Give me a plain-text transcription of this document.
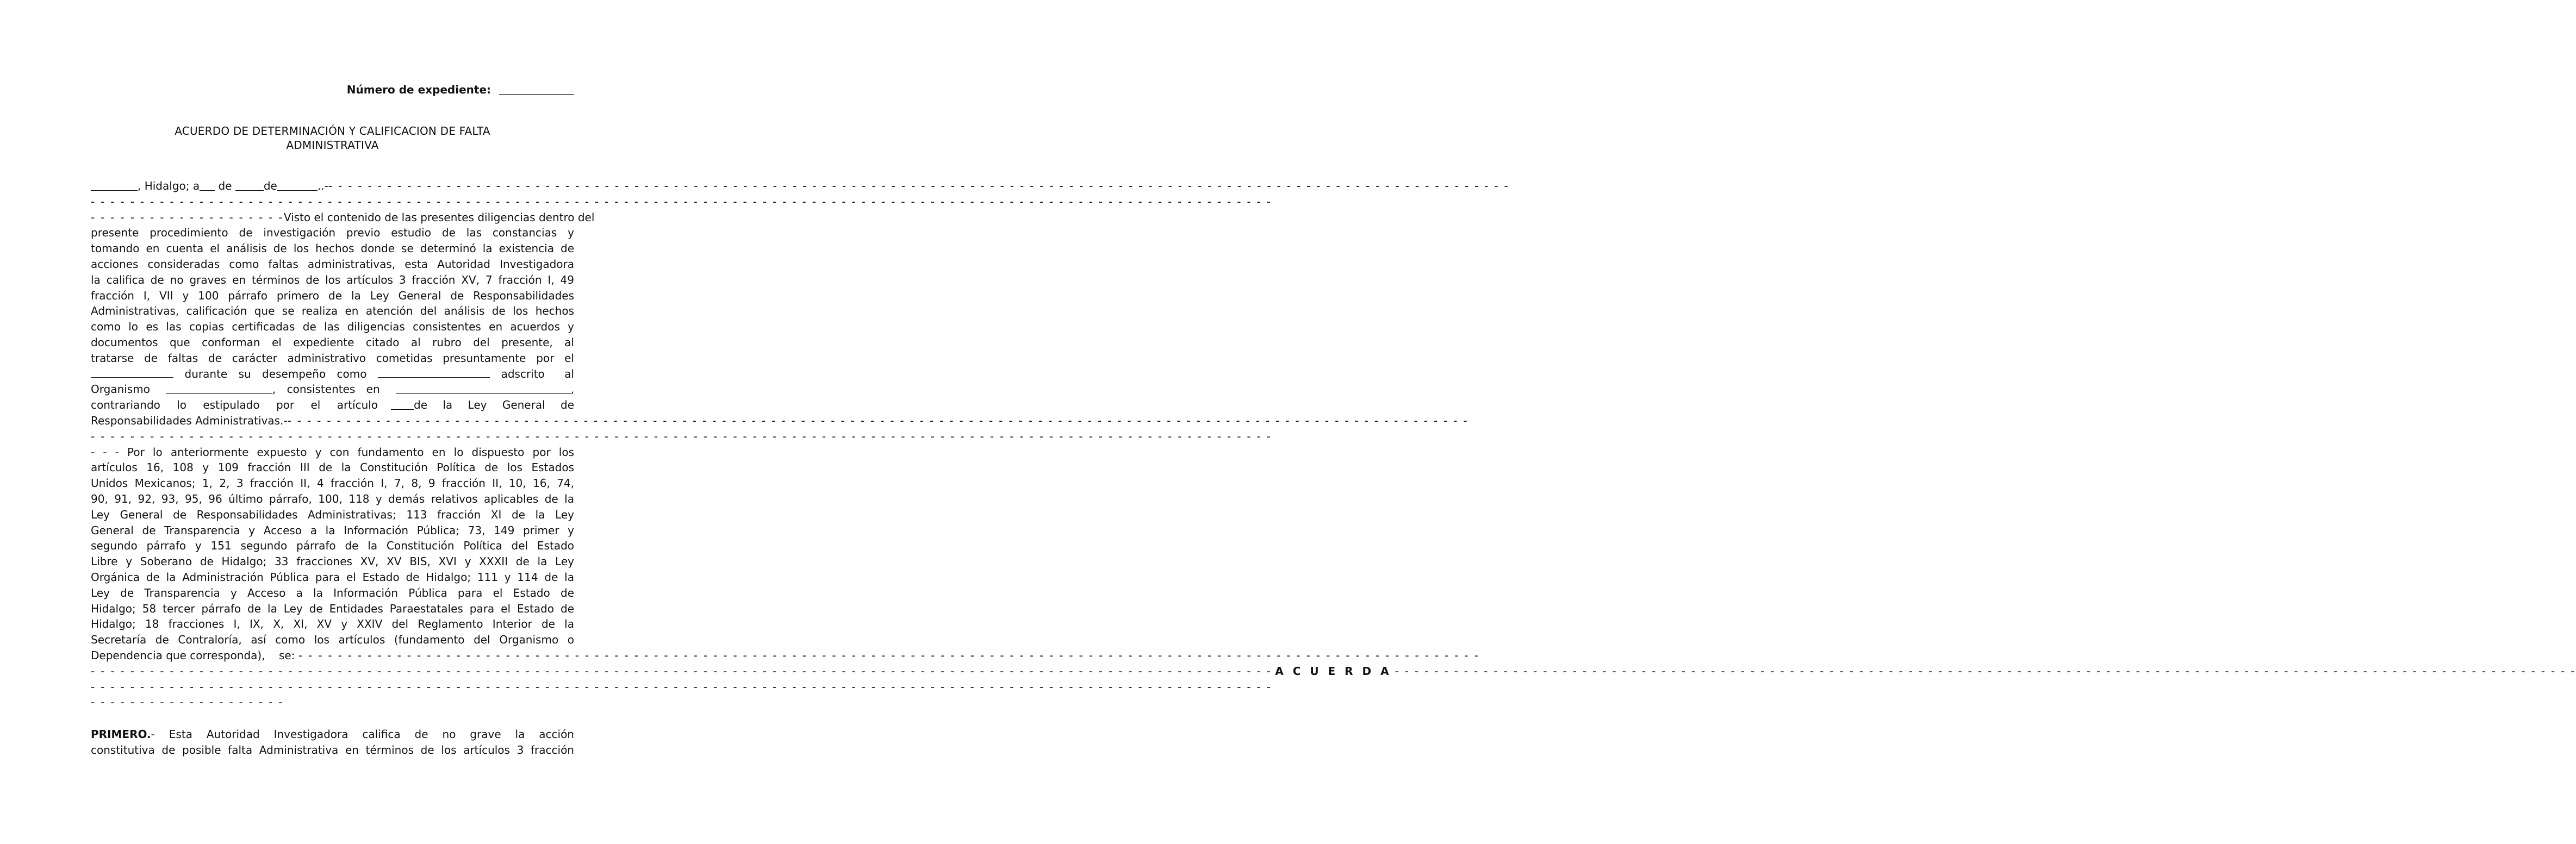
Número de expediente:
ACUERDO DE DETERMINACIÓN Y CALIFICACION DE FALTA
ADMINISTRATIVA
, Hidalgo; a de	de	..-- - - - - - - - - - - - - - - - - - - - - - - - - - - - - - - - - - - - - - - - - - - - - - - - - - - - - - - - - - - - - - - - - - - - - - - - - - - - - - - - - - - - - - - - - - - - - - - - - - - - - - - - - - - - - - - - - - - - - - - -
- - - - - - - - - - - - - - - - - - - - - - - - - - - - - - - - - - - - - - - - - - - - - - - - - - - - - - - - - - - - - - - - - - - - - - - - - - - - - - - - - - - - - - - - - - - - - - - - - - - - - - - - - - - - - - - - - - - - - - - -
- - - - - - - - - - - - - - - - - - - -Visto el contenido de las presentes diligencias dentro del
presente procedimiento de investigación previo estudio de las constancias y
tomando en cuenta el análisis de los hechos donde se determinó la existencia de
acciones consideradas como faltas administrativas, esta Autoridad Investigadora
la califica de no graves en términos de los artículos 3 fracción XV, 7 fracción I, 49
fracción I, VII y 100 párrafo primero de la Ley General de Responsabilidades
Administrativas, calificación que se realiza en atención del análisis de los hechos
como lo es las copias certificadas de las diligencias consistentes en acuerdos y
documentos que conforman el expediente citado al rubro del presente, al
tratarse de faltas de carácter administrativo cometidas presuntamente por el
durante su desempeño como	adscrito al
Organismo	, consistentes en	,
contrariando lo estipulado por el artículo	de la Ley General de
Responsabilidades Administrativas.-- - - - - - - - - - - - - - - - - - - - - - - - - - - - - - - - - - - - - - - - - - - - - - - - - - - - - - - - - - - - - - - - - - - - - - - - - - - - - - - - - - - - - - - - - - - - - - - - - - - - - - - - - - - - - - - - - - - - - - - -
- - - - - - - - - - - - - - - - - - - - - - - - - - - - - - - - - - - - - - - - - - - - - - - - - - - - - - - - - - - - - - - - - - - - - - - - - - - - - - - - - - - - - - - - - - - - - - - - - - - - - - - - - - - - - - - - - - - - - - - -
- - - Por lo anteriormente expuesto y con fundamento en lo dispuesto por los
artículos 16, 108 y 109 fracción III de la Constitución Política de los Estados
Unidos Mexicanos; 1, 2, 3 fracción II, 4 fracción I, 7, 8, 9 fracción II, 10, 16, 74,
90, 91, 92, 93, 95, 96 último párrafo, 100, 118 y demás relativos aplicables de la
Ley General de Responsabilidades Administrativas; 113 fracción XI de la Ley
General de Transparencia y Acceso a la Información Pública; 73, 149 primer y
segundo párrafo y 151 segundo párrafo de la Constitución Política del Estado
Libre y Soberano de Hidalgo; 33 fracciones XV, XV BIS, XVI y XXXII de la Ley
Orgánica de la Administración Pública para el Estado de Hidalgo; 111 y 114 de la
Ley de Transparencia y Acceso a la Información Pública para el Estado de
Hidalgo; 58 tercer párrafo de la Ley de Entidades Paraestatales para el Estado de
Hidalgo; 18 fracciones I, IX, X, XI, XV y XXIV del Reglamento Interior de la
Secretaría de Contraloría, así como los artículos (fundamento del Organismo o
Dependencia que corresponda),    se: - - - - - - - - - - - - - - - - - - - - - - - - - - - - - - - - - - - - - - - - - - - - - - - - - - - - - - - - - - - - - - - - - - - - - - - - - - - - - - - - - - - - - - - - - - - - - - - - - - - - - - - - - - - - - - - - - - - - - - - -
- - - - - - - - - - - - - - - - - - - - - - - - - - - - - - - - - - - - - - - - - - - - - - - - - - - - - - - - - - - - - - - - - - - - - - - - - - - - - - - - - - - - - - - - - - - - - - - - - - - - - - - - - - - - - - - - - - - - - - - - A C U E R D A - - - - - - - - - - - - - - - - - - - - - - - - - - - - - - - - - - - - - - - - - - - - - - - - - - - - - - - - - - - - - - - - - - - - - - - - - - - - - - - - - - - - - - - - - - - - - - - - - - - - - - - - - - - - - - - - - - - - - - - -
- - - - - - - - - - - - - - - - - - - - - - - - - - - - - - - - - - - - - - - - - - - - - - - - - - - - - - - - - - - - - - - - - - - - - - - - - - - - - - - - - - - - - - - - - - - - - - - - - - - - - - - - - - - - - - - - - - - - - - - -
- - - - - - - - - - - - - - - - - - - -
PRIMERO.- Esta Autoridad Investigadora califica de no grave la acción
constitutiva de posible falta Administrativa en términos de los artículos 3 fracción
